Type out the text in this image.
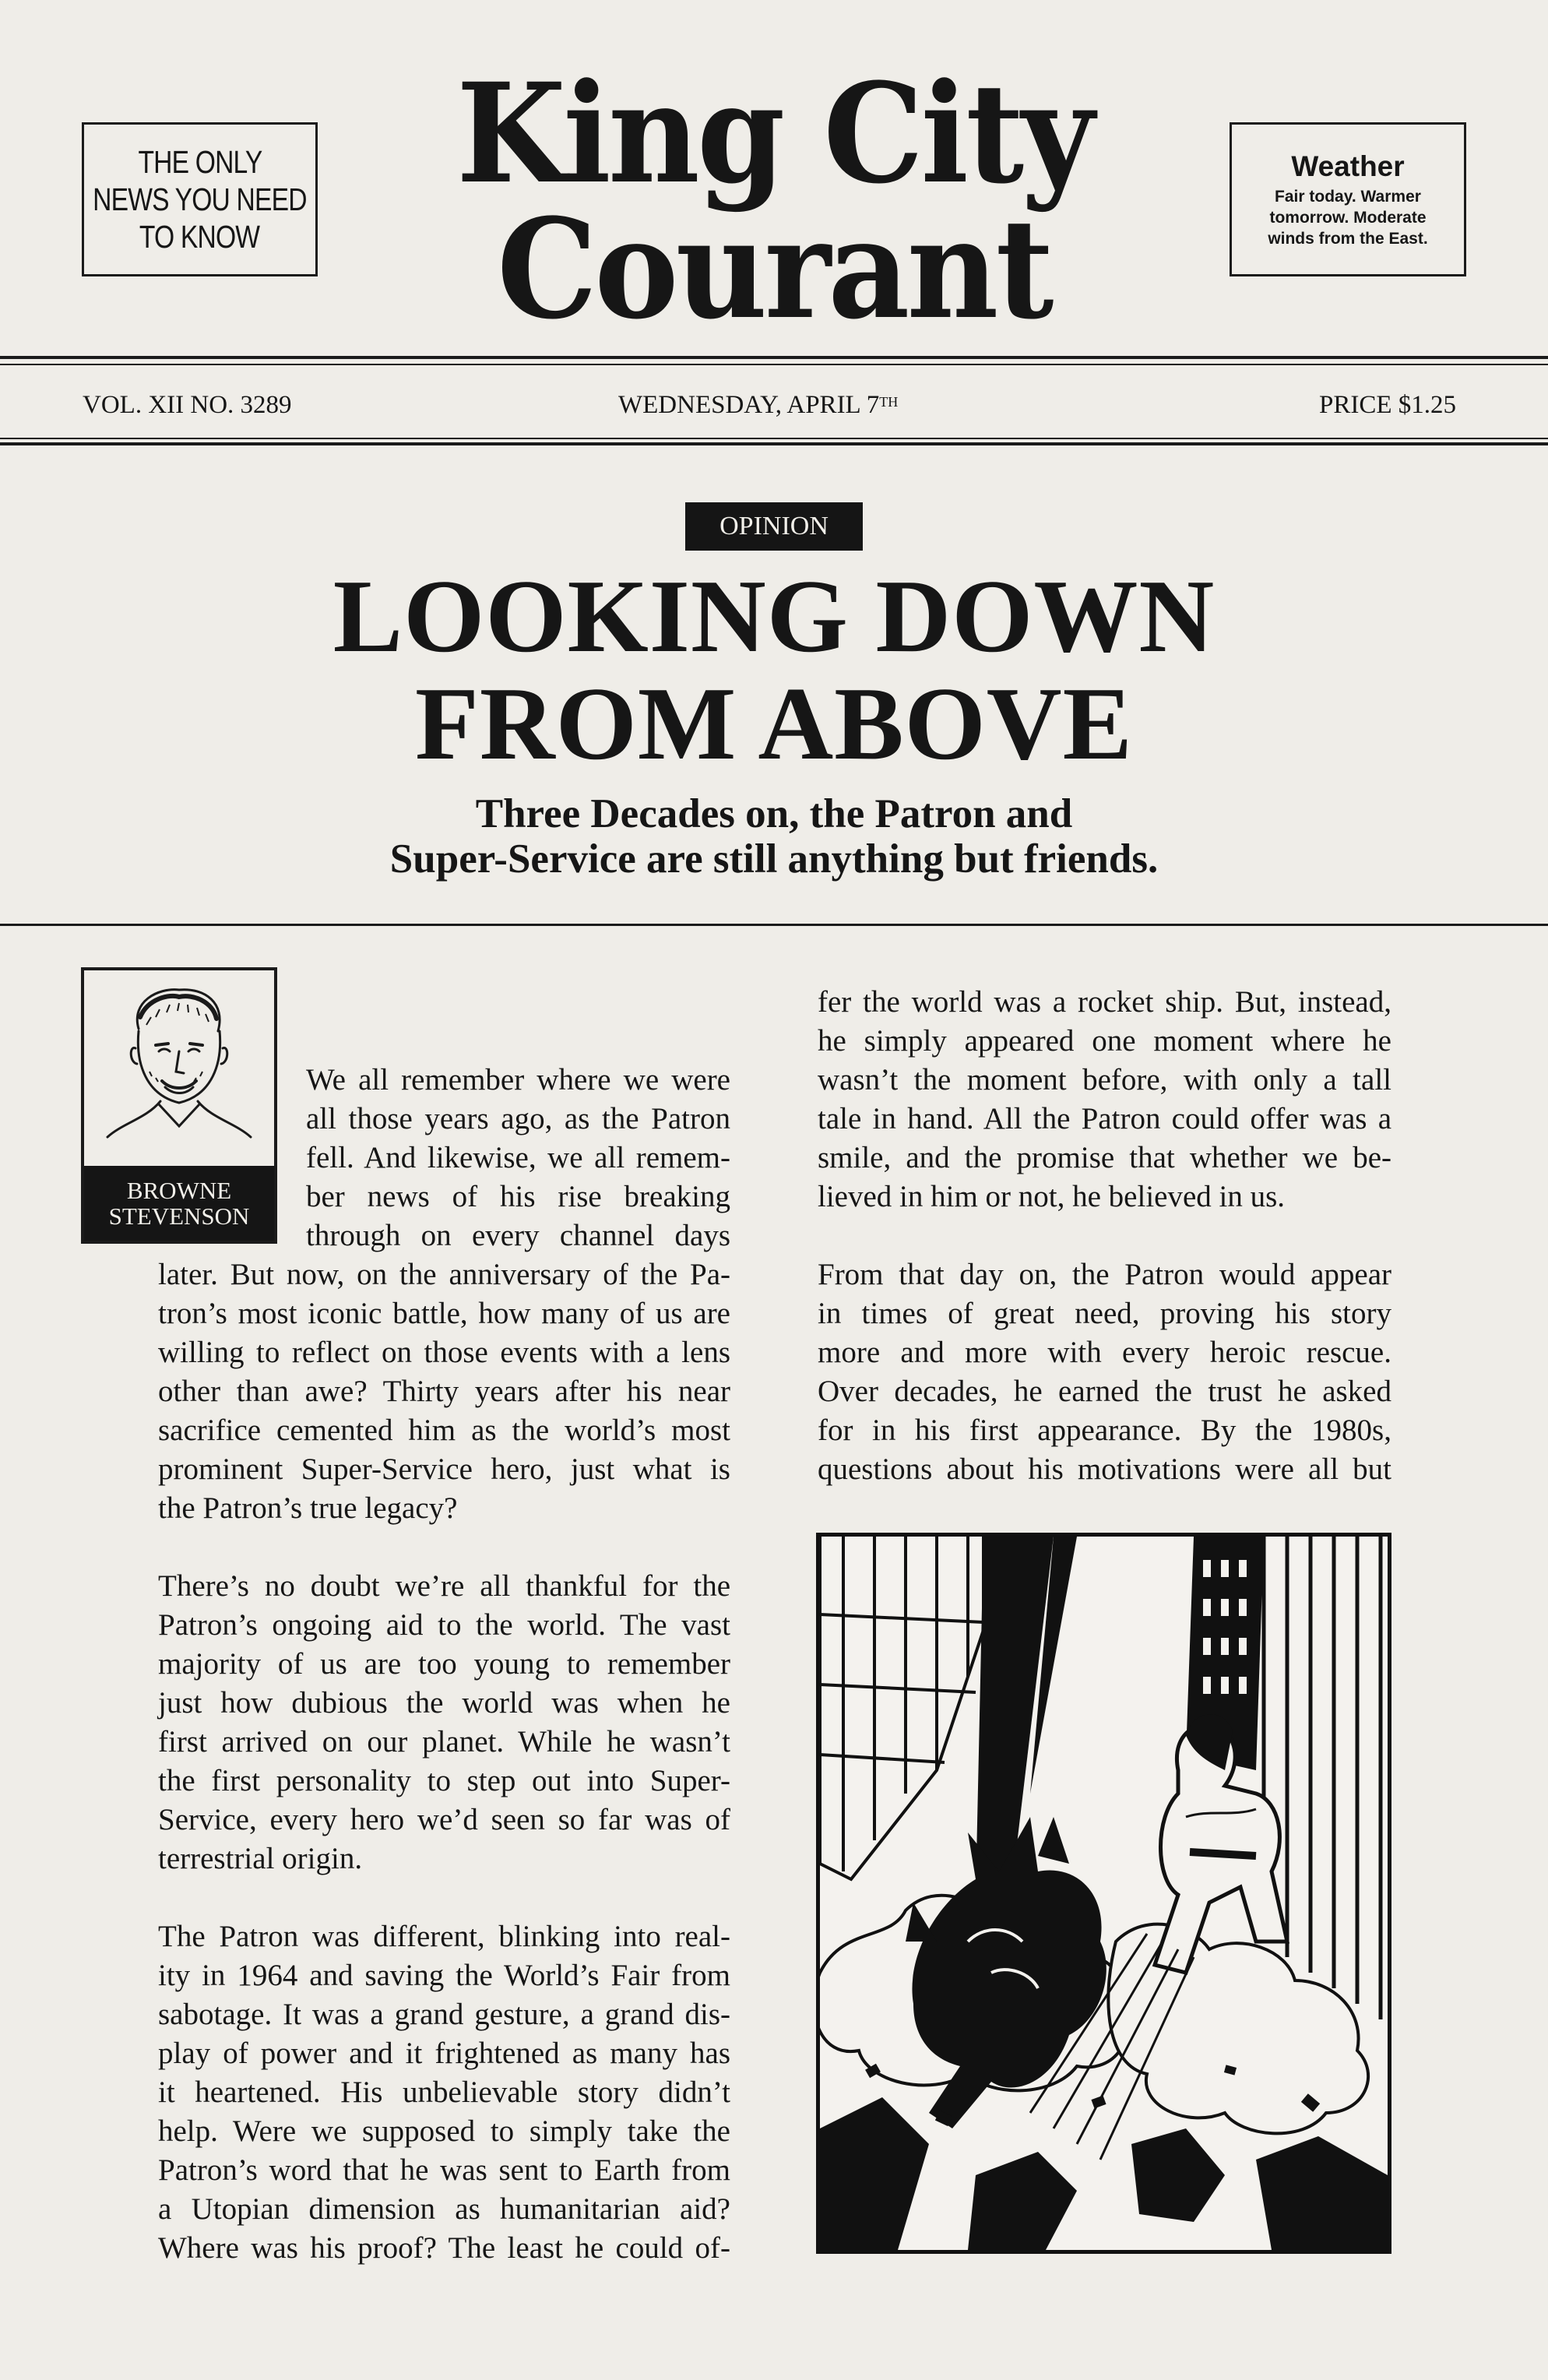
THE ONLY
NEWS YOU NEED
TO KNOW
King City
Courant
Weather
Fair today. Warmer
tomorrow. Moderate
winds from the East.
VOL. XII NO. 3289	WEDNESDAY, APRIL 7TH	PRICE $1.25
OPINION
LOOKING DOWN
FROM ABOVE
Three Decades on, the Patron and
Super-Service are still anything but friends.
BROWNE
STEVENSON
We all remember where we were
all those years ago, as the Patron
fell. And likewise, we all remem-
ber news of his rise breaking
through on every channel days
later. But now, on the anniversary of the Pa-
tron’s most iconic battle, how many of us are
willing to reflect on those events with a lens
other than awe? Thirty years after his near
sacrifice cemented him as the world’s most
prominent Super-Service hero, just what is
the Patron’s true legacy?
There’s no doubt we’re all thankful for the
Patron’s ongoing aid to the world. The vast
majority of us are too young to remember
just how dubious the world was when he
first arrived on our planet. While he wasn’t
the first personality to step out into Super-
Service, every hero we’d seen so far was of
terrestrial origin.
The Patron was different, blinking into real-
ity in 1964 and saving the World’s Fair from
sabotage. It was a grand gesture, a grand dis-
play of power and it frightened as many has
it heartened. His unbelievable story didn’t
help. Were we supposed to simply take the
Patron’s word that he was sent to Earth from
a Utopian dimension as humanitarian aid?
Where was his proof? The least he could of-
fer the world was a rocket ship. But, instead,
he simply appeared one moment where he
wasn’t the moment before, with only a tall
tale in hand. All the Patron could offer was a
smile, and the promise that whether we be-
lieved in him or not, he believed in us.
From that day on, the Patron would appear
in times of great need, proving his story
more and more with every heroic rescue.
Over decades, he earned the trust he asked
for in his first appearance. By the 1980s,
questions about his motivations were all but
